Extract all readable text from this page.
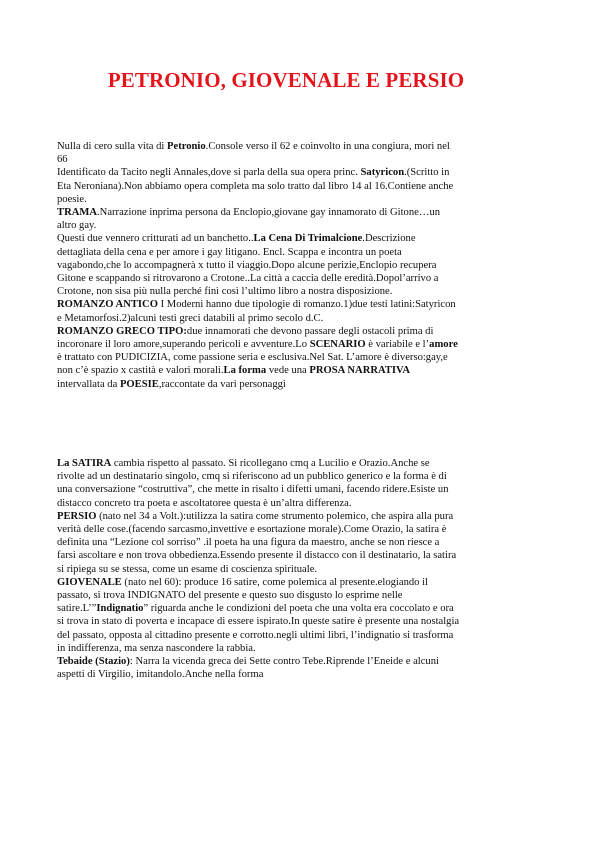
PETRONIO, GIOVENALE E PERSIO
Nulla di cero sulla vita di Petronio.Console verso il 62 e coinvolto in una congiura, morì nel
66
Identificato da Tacito negli Annales,dove si parla della sua opera princ. Satyricon.(Scritto in
Eta Neroniana).Non abbiamo opera completa ma solo tratto dal libro 14 al 16.Contiene anche
poesie.
TRAMA.Narrazione inprima persona da Enclopio,giovane gay innamorato di Gitone…un
altro gay.
Questi due vennero critturati ad un banchetto..La Cena Di Trimalcione.Descrizione
dettagliata della cena e per amore i gay litigano. Encl. Scappa e incontra un poeta
vagabondo,che lo accompagnerà x tutto il viaggio.Dopo alcune perizie,Enclopio recupera
Gitone e scappando si ritrovarono a Crotone..La città a caccia delle eredità.Dopol’arrivo a
Crotone, non sisa più nulla perché finì così l’ultimo libro a nostra disposizione.
ROMANZO ANTICO I Moderni hanno due tipologie di romanzo.1)due testi latini:Satyricon
e Metamorfosi.2)alcuni testi greci databili al primo secolo d.C.
ROMANZO GRECO TIPO:due innamorati che devono passare degli ostacoli prima di
incoronare il loro amore,superando pericoli e avventure.Lo SCENARIO è variabile e l’amore
è trattato con PUDICIZIA, come passione seria e esclusiva.Nel Sat. L’amore è diverso:gay,e
non c’è spazio x castità e valori morali.La forma vede una PROSA NARRATIVA
intervallata da POESIE,raccontate da vari personaggi
La SATIRA cambia rispetto al passato. Si ricollegano cmq a Lucilio e Orazio.Anche se
rivolte ad un destinatario singolo, cmq si riferiscono ad un pubblico generico e la forma è di
una conversazione “costruttiva”, che mette in risalto i difetti umani, facendo ridere.Esiste un
distacco concreto tra poeta e ascoltatoree questa è un’altra differenza.
PERSIO (nato nel 34 a Volt.):utilizza la satira come strumento polemico, che aspira alla pura
verità delle cose.(facendo sarcasmo,invettive e esortazione morale).Come Orazio, la satira è
definita una “Lezione col sorriso” .il poeta ha una figura da maestro, anche se non riesce a
farsi ascoltare e non trova obbedienza.Essendo presente il distacco con il destinatario, la satira
si ripiega su se stessa, come un esame di coscienza spirituale.
GIOVENALE (nato nel 60): produce 16 satire, come polemica al presente.elogiando il
passato, si trova INDIGNATO del presente e questo suo disgusto lo esprime nelle
satire.L’”Indignatio” riguarda anche le condizioni del poeta che una volta era coccolato e ora
si trova in stato di poverta e incapace di essere ispirato.In queste satire è presente una nostalgia
del passato, opposta al cittadino presente e corrotto.negli ultimi libri, l’indignatio si trasforma
in indifferenza, ma senza nascondere la rabbia.
Tebaide (Stazio): Narra la vicenda greca dei Sette contro Tebe.Riprende l’Eneide e alcuni
aspetti di Virgilio, imitandolo.Anche nella forma
